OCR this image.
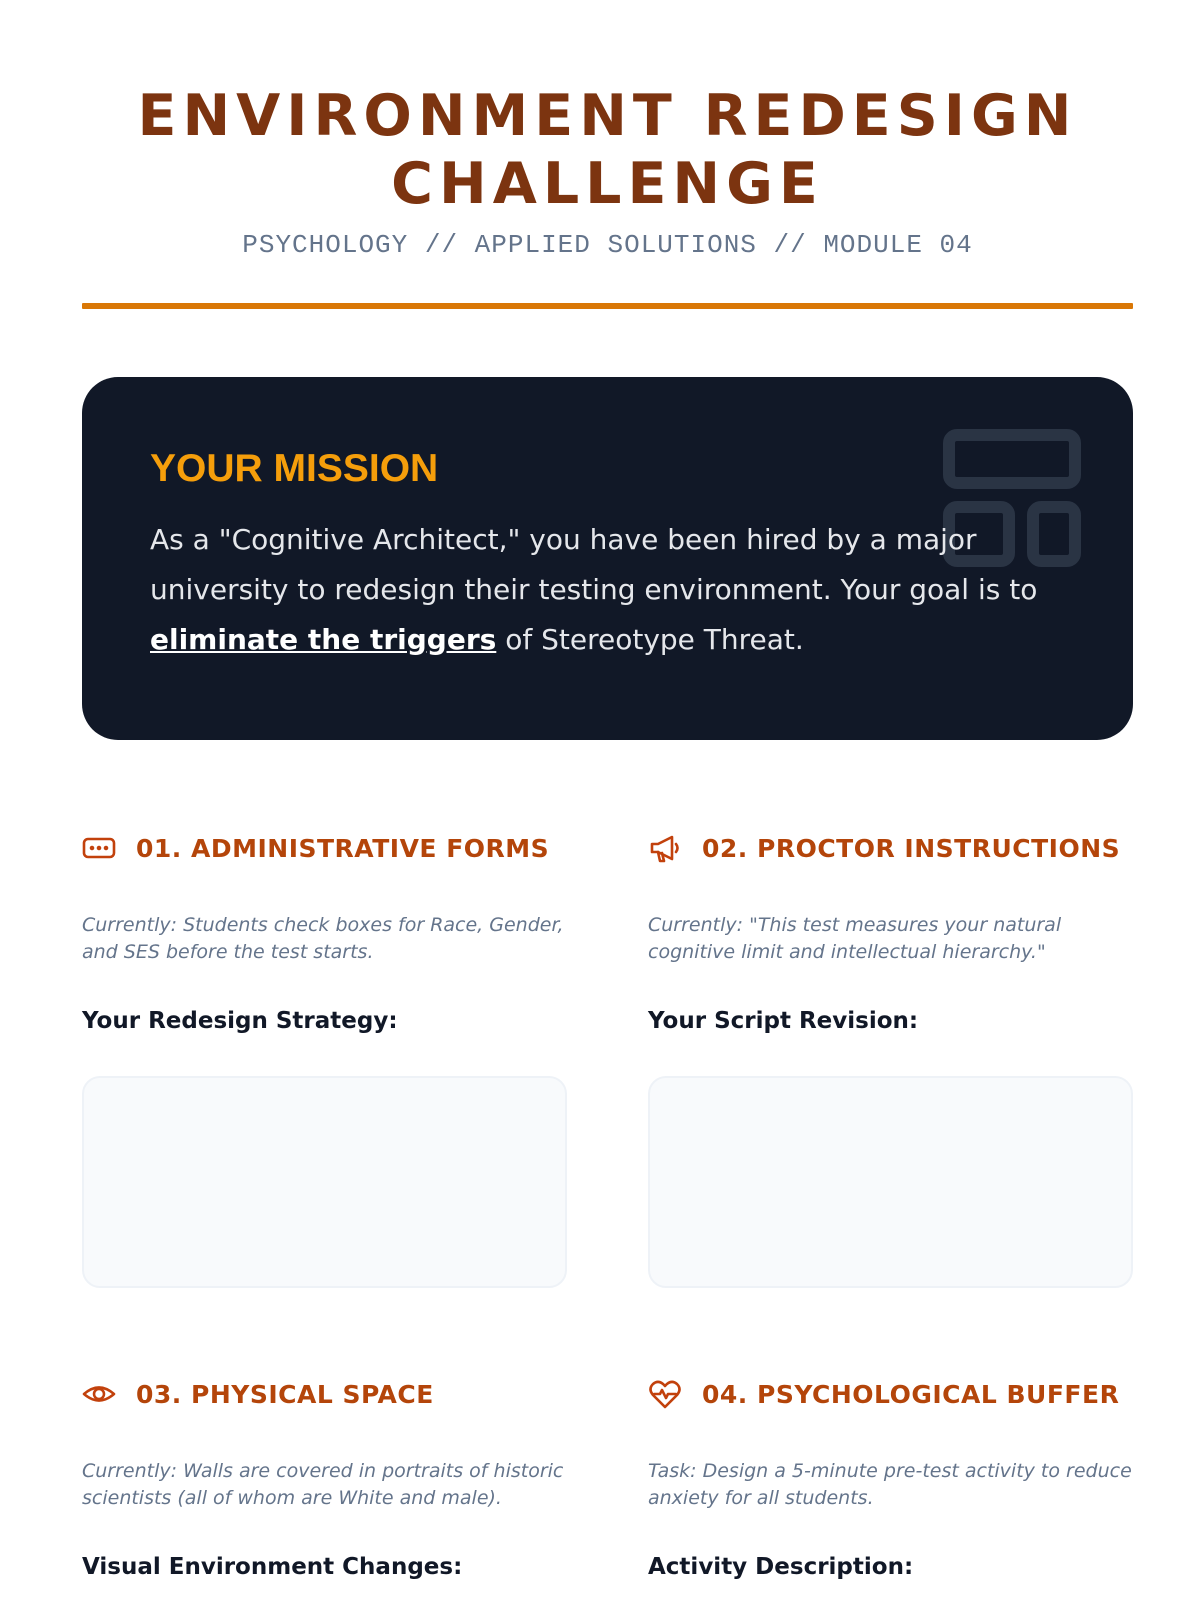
ENVIRONMENT REDESIGN CHALLENGE
PSYCHOLOGY // APPLIED SOLUTIONS // MODULE 04
YOUR MISSION
As a "Cognitive Architect," you have been hired by a major university to redesign their testing environment. Your goal is to eliminate the triggers of Stereotype Threat.
01. ADMINISTRATIVE FORMS
Currently: Students check boxes for Race, Gender, and SES before the test starts.
Your Redesign Strategy:
02. PROCTOR INSTRUCTIONS
Currently: "This test measures your natural cognitive limit and intellectual hierarchy."
Your Script Revision:
03. PHYSICAL SPACE
Currently: Walls are covered in portraits of historic scientists (all of whom are White and male).
Visual Environment Changes:
04. PSYCHOLOGICAL BUFFER
Task: Design a 5-minute pre-test activity to reduce anxiety for all students.
Activity Description:
